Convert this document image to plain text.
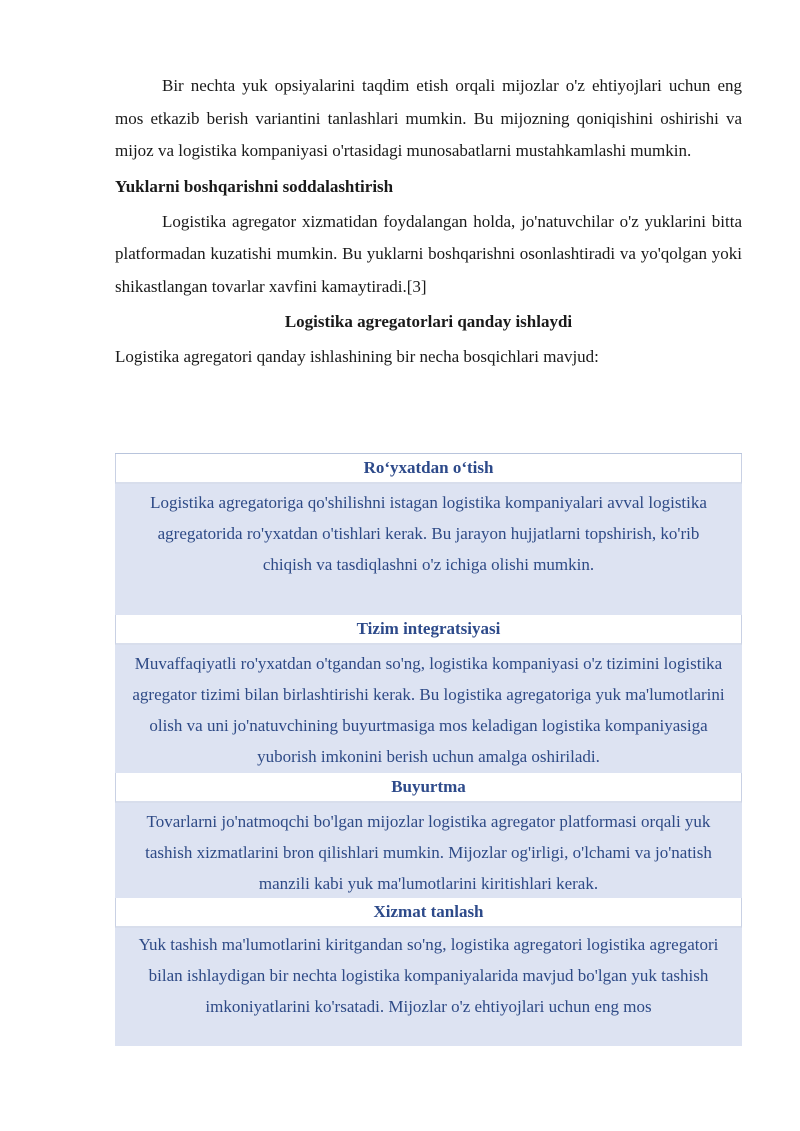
Bir nechta yuk opsiyalarini taqdim etish orqali mijozlar o'z ehtiyojlari uchun eng mos etkazib berish variantini tanlashlari mumkin. Bu mijozning qoniqishini oshirishi va mijoz va logistika kompaniyasi o'rtasidagi munosabatlarni mustahkamlashi mumkin.

Yuklarni boshqarishni soddalashtirish

Logistika agregator xizmatidan foydalangan holda, jo'natuvchilar o'z yuklarini bitta platformadan kuzatishi mumkin. Bu yuklarni boshqarishni osonlashtiradi va yo'qolgan yoki shikastlangan tovarlar xavfini kamaytiradi.[3]

Logistika agregatorlari qanday ishlaydi

Logistika agregatori qanday ishlashining bir necha bosqichlari mavjud:

Ro‘yxatdan o‘tish
Logistika agregatoriga qo'shilishni istagan logistika kompaniyalari avval logistika agregatorida ro'yxatdan o'tishlari kerak. Bu jarayon hujjatlarni topshirish, ko'rib chiqish va tasdiqlashni o'z ichiga olishi mumkin.
Tizim integratsiyasi
Muvaffaqiyatli ro'yxatdan o'tgandan so'ng, logistika kompaniyasi o'z tizimini logistika agregator tizimi bilan birlashtirishi kerak. Bu logistika agregatoriga yuk ma'lumotlarini olish va uni jo'natuvchining buyurtmasiga mos keladigan logistika kompaniyasiga yuborish imkonini berish uchun amalga oshiriladi.
Buyurtma
Tovarlarni jo'natmoqchi bo'lgan mijozlar logistika agregator platformasi orqali yuk tashish xizmatlarini bron qilishlari mumkin. Mijozlar og'irligi, o'lchami va jo'natish manzili kabi yuk ma'lumotlarini kiritishlari kerak.
Xizmat tanlash
Yuk tashish ma'lumotlarini kiritgandan so'ng, logistika agregatori logistika agregatori bilan ishlaydigan bir nechta logistika kompaniyalarida mavjud bo'lgan yuk tashish imkoniyatlarini ko'rsatadi. Mijozlar o'z ehtiyojlari uchun eng mos
